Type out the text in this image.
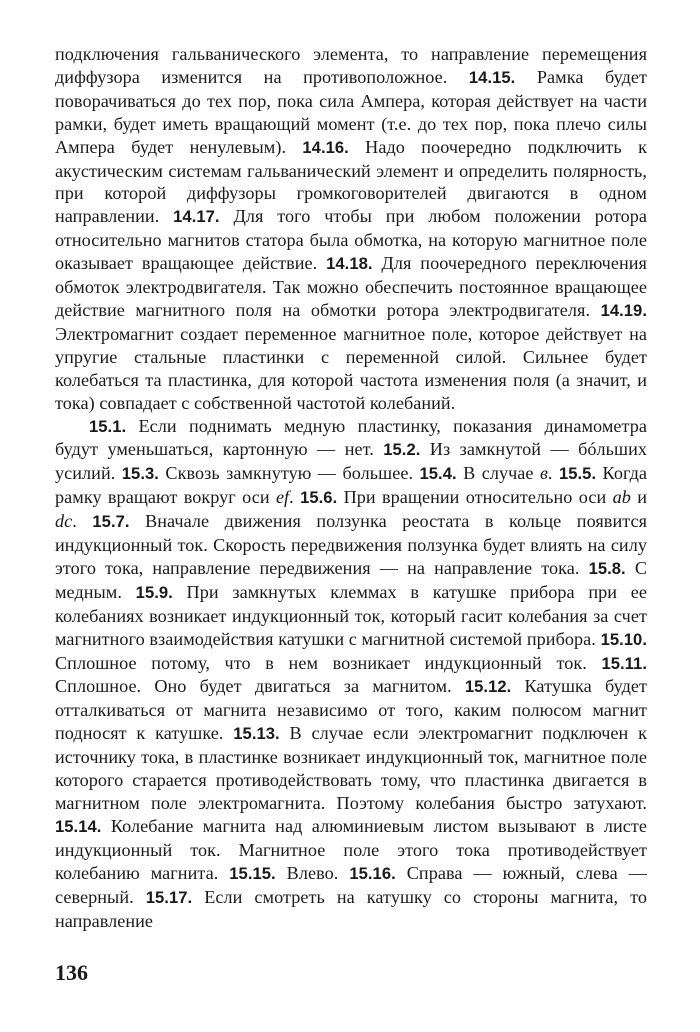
подключения гальванического элемента, то направление перемещения диффузора изменится на противоположное. 14.15. Рамка будет поворачиваться до тех пор, пока сила Ампера, которая действует на части рамки, будет иметь вращающий момент (т.е. до тех пор, пока плечо силы Ампера будет ненулевым). 14.16. Надо поочередно подключить к акустическим системам гальванический элемент и определить полярность, при которой диффузоры громкоговорителей двигаются в одном направлении. 14.17. Для того чтобы при любом положении ротора относительно магнитов статора была обмотка, на которую магнитное поле оказывает вращающее действие. 14.18. Для поочередного переключения обмоток электродвигателя. Так можно обеспечить постоянное вращающее действие магнитного поля на обмотки ротора электродвигателя. 14.19. Электромагнит создает переменное магнитное поле, которое действует на упругие стальные пластинки с переменной силой. Сильнее будет колебаться та пластинка, для которой частота изменения поля (а значит, и тока) совпадает с собственной частотой колебаний.

15.1. Если поднимать медную пластинку, показания динамометра будут уменьшаться, картонную — нет. 15.2. Из замкнутой — бóльших усилий. 15.3. Сквозь замкнутую — большее. 15.4. В случае в. 15.5. Когда рамку вращают вокруг оси ef. 15.6. При вращении относительно оси ab и dc. 15.7. Вначале движения ползунка реостата в кольце появится индукционный ток. Скорость передвижения ползунка будет влиять на силу этого тока, направление передвижения — на направление тока. 15.8. С медным. 15.9. При замкнутых клеммах в катушке прибора при ее колебаниях возникает индукционный ток, который гасит колебания за счет магнитного взаимодействия катушки с магнитной системой прибора. 15.10. Сплошное потому, что в нем возникает индукционный ток. 15.11. Сплошное. Оно будет двигаться за магнитом. 15.12. Катушка будет отталкиваться от магнита независимо от того, каким полюсом магнит подносят к катушке. 15.13. В случае если электромагнит подключен к источнику тока, в пластинке возникает индукционный ток, магнитное поле которого старается противодействовать тому, что пластинка двигается в магнитном поле электромагнита. Поэтому колебания быстро затухают. 15.14. Колебание магнита над алюминиевым листом вызывают в листе индукционный ток. Магнитное поле этого тока противодействует колебанию магнита. 15.15. Влево. 15.16. Справа — южный, слева — северный. 15.17. Если смотреть на катушку со стороны магнита, то направление

136
